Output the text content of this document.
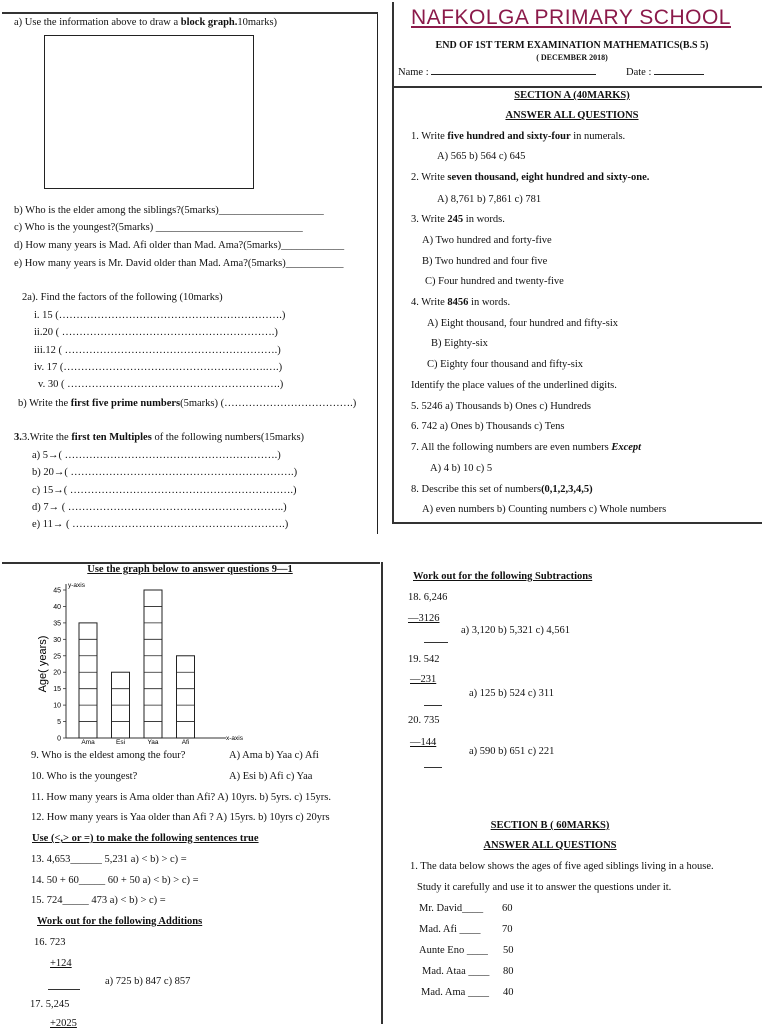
a) Use the information above to draw a block graph.10marks)
b) Who is the elder among the siblings?(5marks)____________________
c) Who is the youngest?(5marks) ____________________________
d) How many years is Mad. Afi older than Mad. Ama?(5marks)____________
e) How many years is Mr. David older than Mad. Ama?(5marks)___________
2a). Find the factors of the following (10marks)
i. 15 (……………………………………………………….)
ii.20 ( …………………………………………………….)
iii.12 ( …………………………………………………….)
iv. 17 (………………………………………………….….)
v. 30 ( …………………………………………………….)
b) Write the first five prime numbers(5marks) (……………………………….)
3.3.Write the first ten Multiples of the following numbers(15marks)
a) 5→( …………………………………………………….)
b) 20→( ……………………………………………………….)
c) 15→( ……………………………………………………….)
d) 7→ ( ……………………………………………………..)
e) 11→ ( …………………………………………………….)
NAFKOLGA PRIMARY SCHOOL
END OF 1ST TERM EXAMINATION MATHEMATICS(B.S 5)
( DECEMBER 2018)
Name :	Date :
SECTION A (40MARKS)
ANSWER ALL QUESTIONS
1. Write five hundred and sixty-four in numerals.
A) 565 b) 564 c) 645
2. Write seven thousand, eight hundred and sixty-one.
A) 8,761 b) 7,861 c) 781
3. Write 245 in words.
A) Two hundred and forty-five
B) Two hundred and four five
C) Four hundred and twenty-five
4. Write 8456 in words.
A) Eight thousand, four hundred and fifty-six
B) Eighty-six
C) Eighty four thousand and fifty-six
Identify the place values of the underlined digits.
5. 5246 a) Thousands b) Ones c) Hundreds
6. 742 a) Ones b) Thousands c) Tens
7. All the following numbers are even numbers Except
A) 4 b) 10 c) 5
8. Describe this set of numbers(0,1,2,3,4,5)
A) even numbers b) Counting numbers c) Whole numbers
Use the graph below to answer questions 9—1
y-axis
x-axis
0
5
10
15
20
25
30
35
40
45
Age( years)
Ama	Esi	Yaa	Afi
9. Who is the eldest among the four?	A) Ama b) Yaa c) Afi
10. Who is the youngest?	A) Esi b) Afi c) Yaa
11. How many years is Ama older than Afi? A) 10yrs. b) 5yrs. c) 15yrs.
12. How many years is Yaa older than Afi ? A) 15yrs. b) 10yrs c) 20yrs
Use (<,> or =) to make the following sentences true
13. 4,653______ 5,231 a) < b) > c) =
14. 50 + 60_____ 60 + 50 a) < b) > c) =
15. 724_____ 473 a) < b) > c) =
Work out for the following Additions
16. 723
+124
a) 725 b) 847 c) 857
17. 5,245
+2025
Work out for the following Subtractions
18. 6,246
—3126
a) 3,120 b) 5,321 c) 4,561
19. 542
—231
a) 125 b) 524 c) 311
20. 735
—144
a) 590 b) 651 c) 221
SECTION B ( 60MARKS)
ANSWER ALL QUESTIONS
1. The data below shows the ages of five aged siblings living in a house.
Study it carefully and use it to answer the questions under it.
Mr. David____ 60
Mad. Afi ____ 70
Aunte Eno ____ 50
Mad. Ataa ____ 80
Mad. Ama ____ 40
